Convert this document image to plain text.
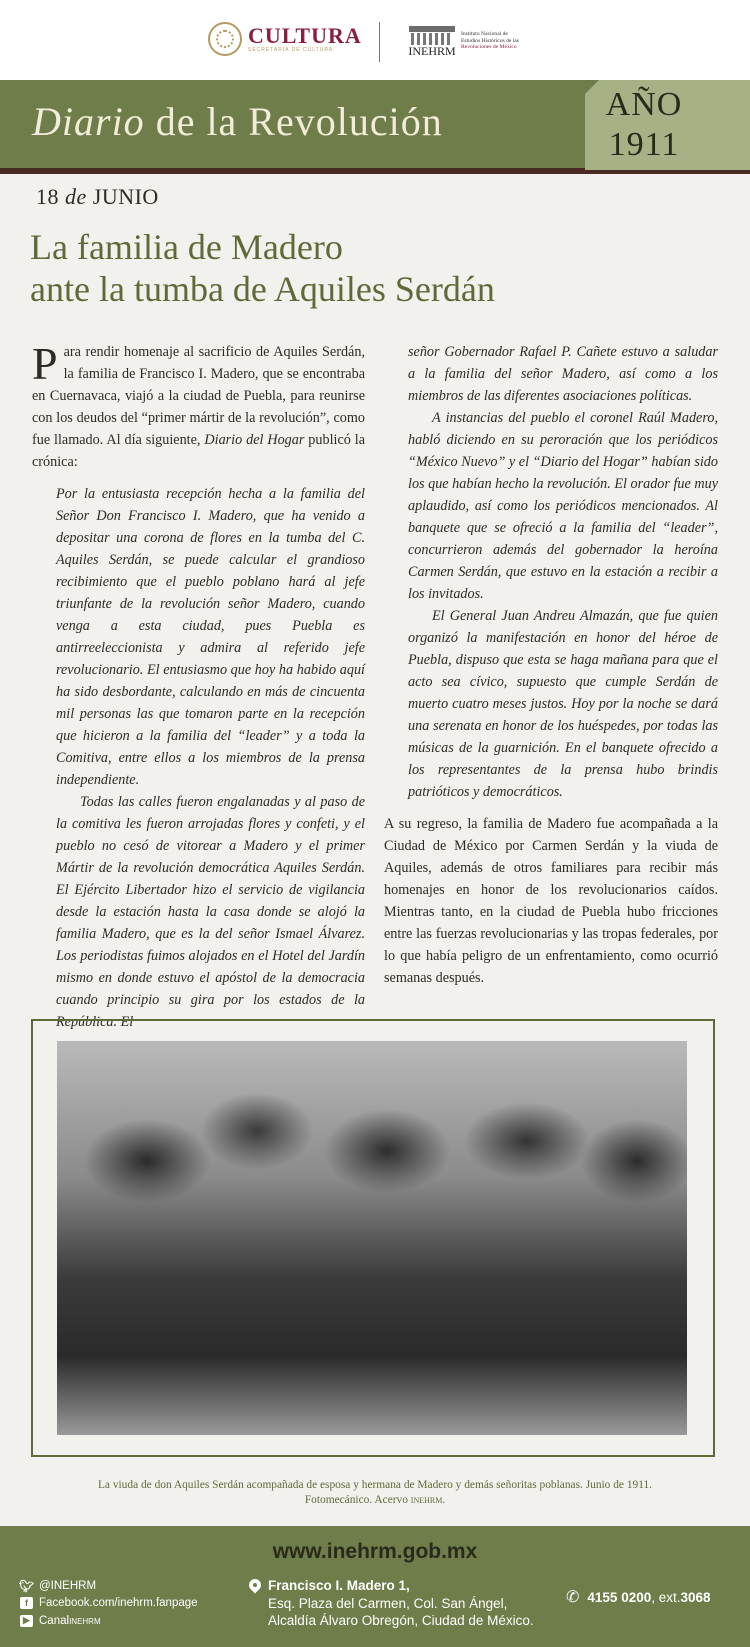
CULTURA
SECRETARÍA DE CULTURA	INEHRM
Instituto Nacional de
Estudios Históricos de las
Revoluciones de México
Diario de la Revolución	AÑO
1911
18 de JUNIO
La familia de Madero
ante la tumba de Aquiles Serdán

Para rendir homenaje al sacrificio de Aquiles Serdán, la familia de Francisco I. Madero, que se encontraba en Cuernavaca, viajó a la ciudad de Puebla, para reunirse con los deudos del “primer mártir de la revolución”, como fue llamado. Al día siguiente, Diario del Hogar publicó la crónica:

Por la entusiasta recepción hecha a la familia del Señor Don Francisco I. Madero, que ha venido a depositar una corona de flores en la tumba del C. Aquiles Serdán, se puede calcular el grandioso recibimiento que el pueblo poblano hará al jefe triunfante de la revolución señor Madero, cuando venga a esta ciudad, pues Puebla es antirreeleccionista y admira al referido jefe revolucionario. El entusiasmo que hoy ha habido aquí ha sido desbordante, calculando en más de cincuenta mil personas las que tomaron parte en la recepción que hicieron a la familia del “leader” y a toda la Comitiva, entre ellos a los miembros de la prensa independiente.

Todas las calles fueron engalanadas y al paso de la comitiva les fueron arrojadas flores y confeti, y el pueblo no cesó de vitorear a Madero y el primer Mártir de la revolución democrática Aquiles Serdán. El Ejército Libertador hizo el servicio de vigilancia desde la estación hasta la casa donde se alojó la familia Madero, que es la del señor Ismael Álvarez. Los periodistas fuimos alojados en el Hotel del Jardín mismo en donde estuvo el apóstol de la democracia cuando principio su gira por los estados de la República. El

señor Gobernador Rafael P. Cañete estuvo a saludar a la familia del señor Madero, así como a los miembros de las diferentes asociaciones políticas.

A instancias del pueblo el coronel Raúl Madero, habló diciendo en su peroración que los periódicos “México Nuevo” y el “Diario del Hogar” habían sido los que habían hecho la revolución. El orador fue muy aplaudido, así como los periódicos mencionados. Al banquete que se ofreció a la familia del “leader”, concurrieron además del gobernador la heroína Carmen Serdán, que estuvo en la estación a recibir a los invitados.

El General Juan Andreu Almazán, que fue quien organizó la manifestación en honor del héroe de Puebla, dispuso que esta se haga mañana para que el acto sea cívico, supuesto que cumple Serdán de muerto cuatro meses justos. Hoy por la noche se dará una serenata en honor de los huéspedes, por todas las músicas de la guarnición. En el banquete ofrecido a los representantes de la prensa hubo brindis patrióticos y democráticos.

A su regreso, la familia de Madero fue acompañada a la Ciudad de México por Carmen Serdán y la viuda de Aquiles, además de otros familiares para recibir más homenajes en honor de los revolucionarios caídos. Mientras tanto, en la ciudad de Puebla hubo fricciones entre las fuerzas revolucionarias y las tropas federales, por lo que había peligro de un enfrentamiento, como ocurrió semanas después.

La viuda de don Aquiles Serdán acompañada de esposa y hermana de Madero y demás señoritas poblanas. Junio de 1911.
Fotomecánico. Acervo inehrm.
www.inehrm.gob.mx
🐦︎ @INEHRM
f Facebook.com/inehrm.fanpage
▶ Canal inehrm
Francisco I. Madero 1,
Esq. Plaza del Carmen, Col. San Ángel,
Alcaldía Álvaro Obregón, Ciudad de México.
✆ 4155 0200 , ext. 3068
